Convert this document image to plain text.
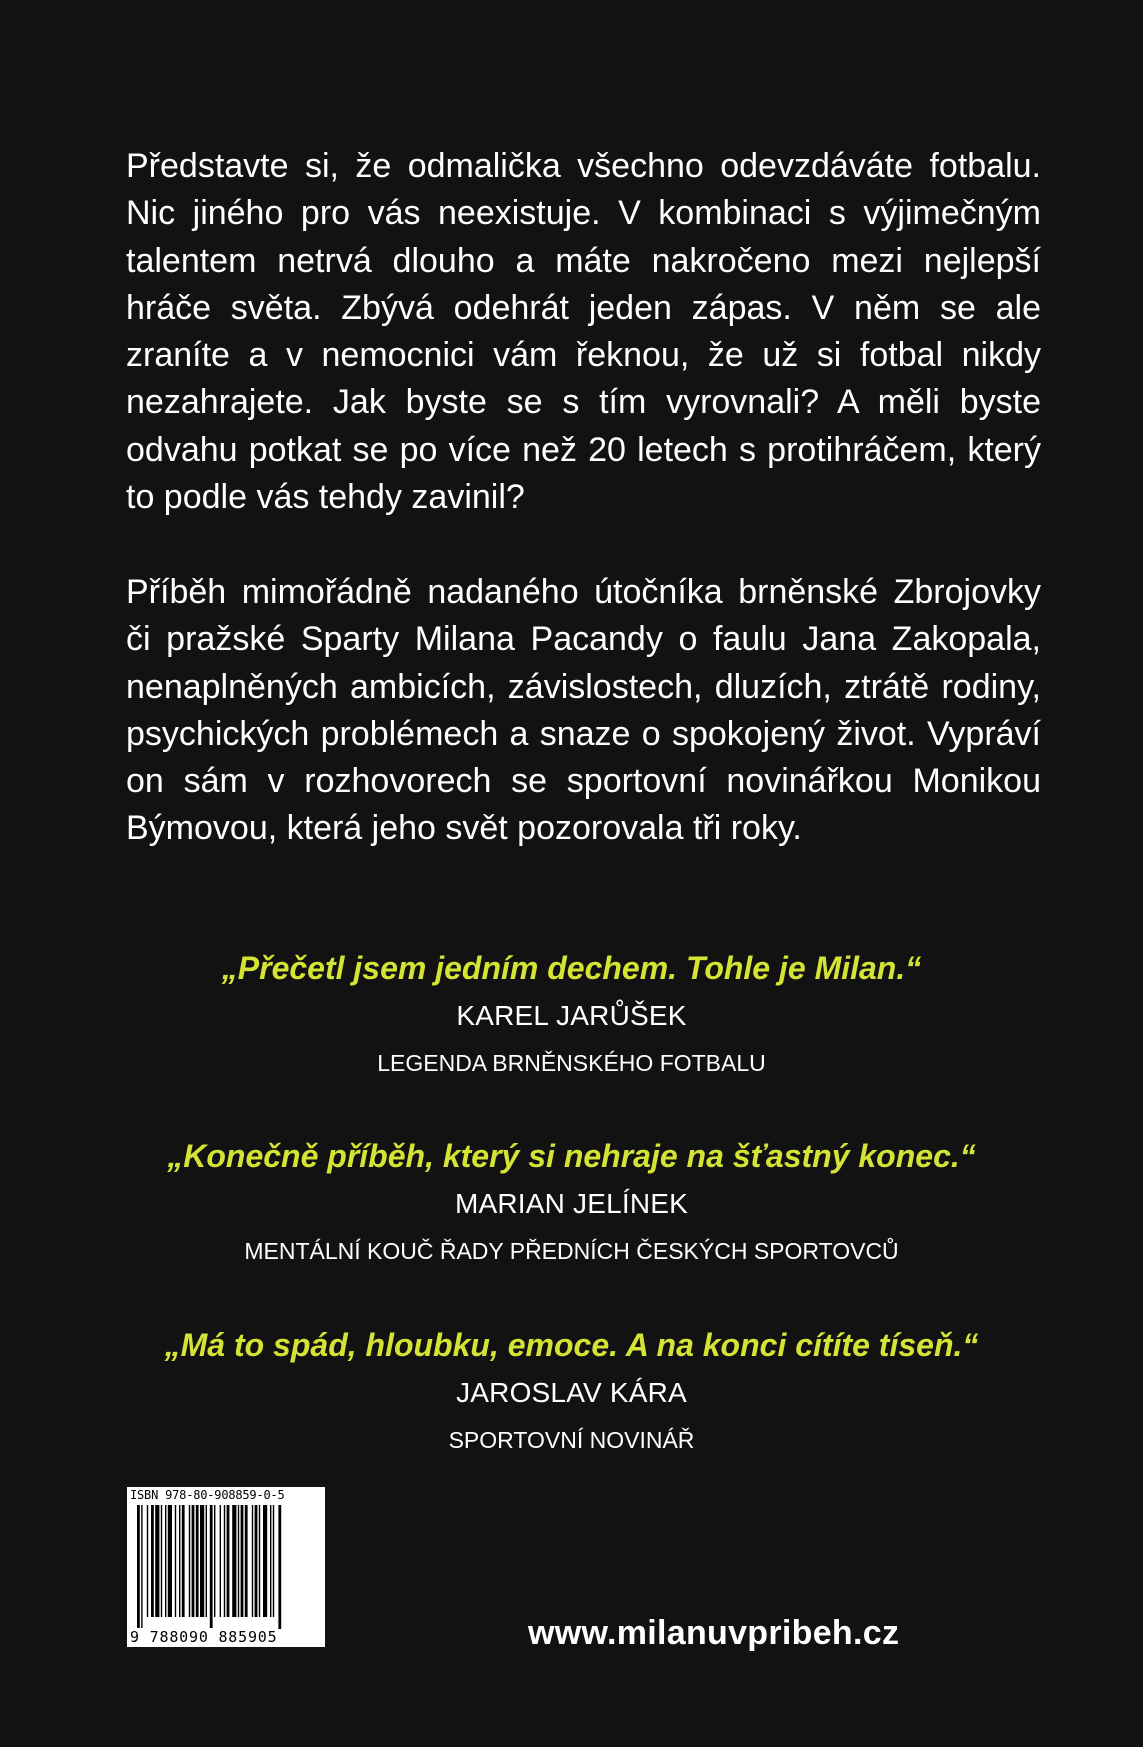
Představte si, že odmalička všechno odevzdáváte fotbalu. Nic jiného pro vás neexistuje. V kombinaci s výjimečným talentem netrvá dlouho a máte nakročeno mezi nejlepší hráče světa. Zbývá odehrát jeden zápas. V něm se ale zraníte a v nemocnici vám řeknou, že už si fotbal nikdy nezahrajete. Jak byste se s tím vyrovnali? A měli byste odvahu potkat se po více než 20 letech s protihráčem, který to podle vás tehdy zavinil?

Příběh mimořádně nadaného útočníka brněnské Zbrojovky či pražské Sparty Milana Pacandy o faulu Jana Zakopala, nenaplněných ambicích, závislostech, dluzích, ztrátě rodiny, psychických problémech a snaze o spokojený život. Vypráví on sám v rozhovorech se sportovní novinářkou Monikou Býmovou, která jeho svět pozorovala tři roky.

„Přečetl jsem jedním dechem. Tohle je Milan.“
KAREL JARŮŠEK
LEGENDA BRNĚNSKÉHO FOTBALU
„Konečně příběh, který si nehraje na šťastný konec.“
MARIAN JELÍNEK
MENTÁLNÍ KOUČ ŘADY PŘEDNÍCH ČESKÝCH SPORTOVCŮ
„Má to spád, hloubku, emoce. A na konci cítíte tíseň.“
JAROSLAV KÁRA
SPORTOVNÍ NOVINÁŘ
ISBN 978-80-908859-0-5
9 788090 885905	www.milanuvpribeh.cz
